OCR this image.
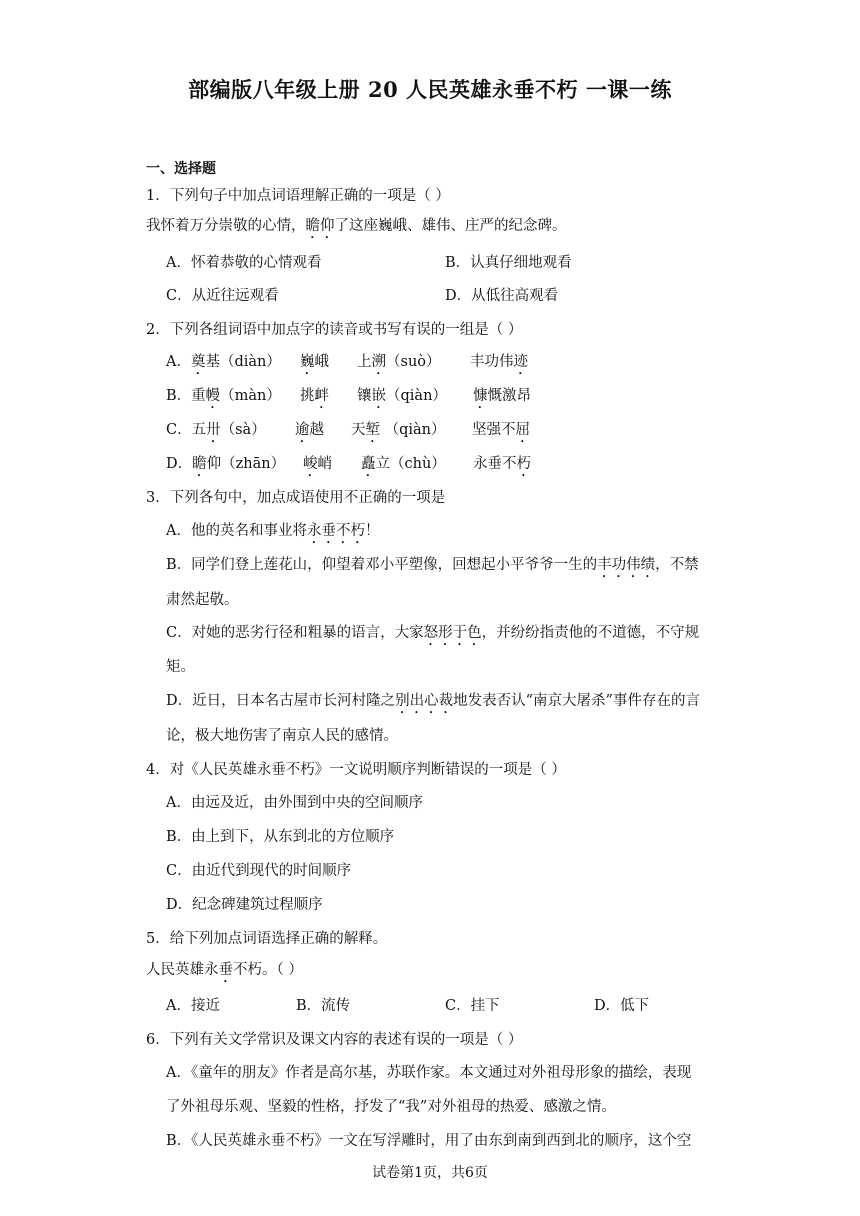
部编版八年级上册 20 人民英雄永垂不朽 一课一练
一、选择题
1．下列句子中加点词语理解正确的一项是（ ）
我怀着万分崇敬的心情，瞻仰了这座巍峨、雄伟、庄严的纪念碑。
A．怀着恭敬的心情观看	B．认真仔细地观看
C．从近往远观看	D．从低往高观看
2．下列各组词语中加点字的读音或书写有误的一组是（ ）
A．奠基（diàn） 巍峨 上溯（suò） 丰功伟迹
B．重幔（màn） 挑衅 镶嵌（qiàn） 慷慨激昂
C．五卅（sà） 逾越 天堑 （qiàn） 坚强不屈
D．瞻仰（zhān） 峻峭 矗立（chù） 永垂不朽
3．下列各句中，加点成语使用不正确的一项是
A．他的英名和事业将永垂不朽！
B．同学们登上莲花山，仰望着邓小平塑像，回想起小平爷爷一生的丰功伟绩，不禁
肃然起敬。
C．对她的恶劣行径和粗暴的语言，大家怒形于色，并纷纷指责他的不道德，不守规
矩。
D．近日，日本名古屋市长河村隆之别出心裁地发表否认“南京大屠杀”事件存在的言
论，极大地伤害了南京人民的感情。
4．对《人民英雄永垂不朽》一文说明顺序判断错误的一项是（ ）
A．由远及近，由外围到中央的空间顺序
B．由上到下，从东到北的方位顺序
C．由近代到现代的时间顺序
D．纪念碑建筑过程顺序
5．给下列加点词语选择正确的解释。
人民英雄永垂不朽。（ ）
A．接近	B．流传	C．挂下	D．低下
6．下列有关文学常识及课文内容的表述有误的一项是（ ）
A．《童年的朋友》作者是高尔基，苏联作家。本文通过对外祖母形象的描绘，表现
了外祖母乐观、坚毅的性格，抒发了“我”对外祖母的热爱、感激之情。
B．《人民英雄永垂不朽》一文在写浮雕时，用了由东到南到西到北的顺序，这个空
试卷第1页，共6页
